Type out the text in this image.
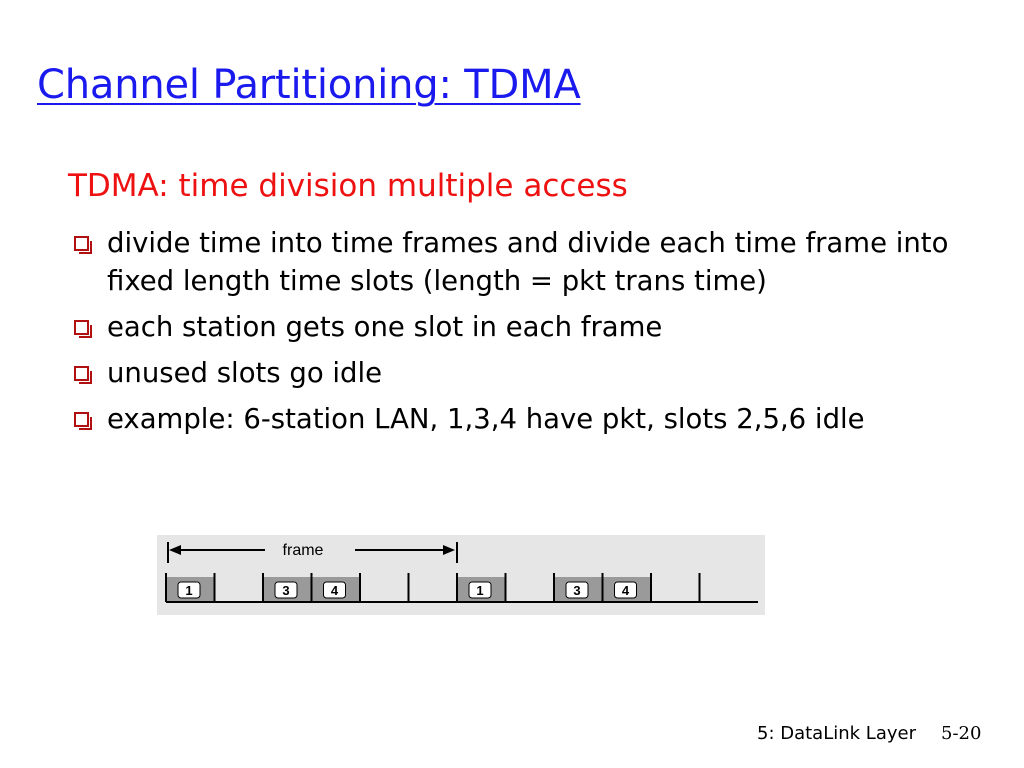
Channel Partitioning: TDMA
TDMA: time division multiple access
divide time into time frames and divide each time frame into fixed length time slots (length = pkt trans time)
each station gets one slot in each frame
unused slots go idle
example: 6-station LAN, 1,3,4 have pkt, slots 2,5,6 idle
frame
1	3	4	1	3	4
5: DataLink Layer 5-20
